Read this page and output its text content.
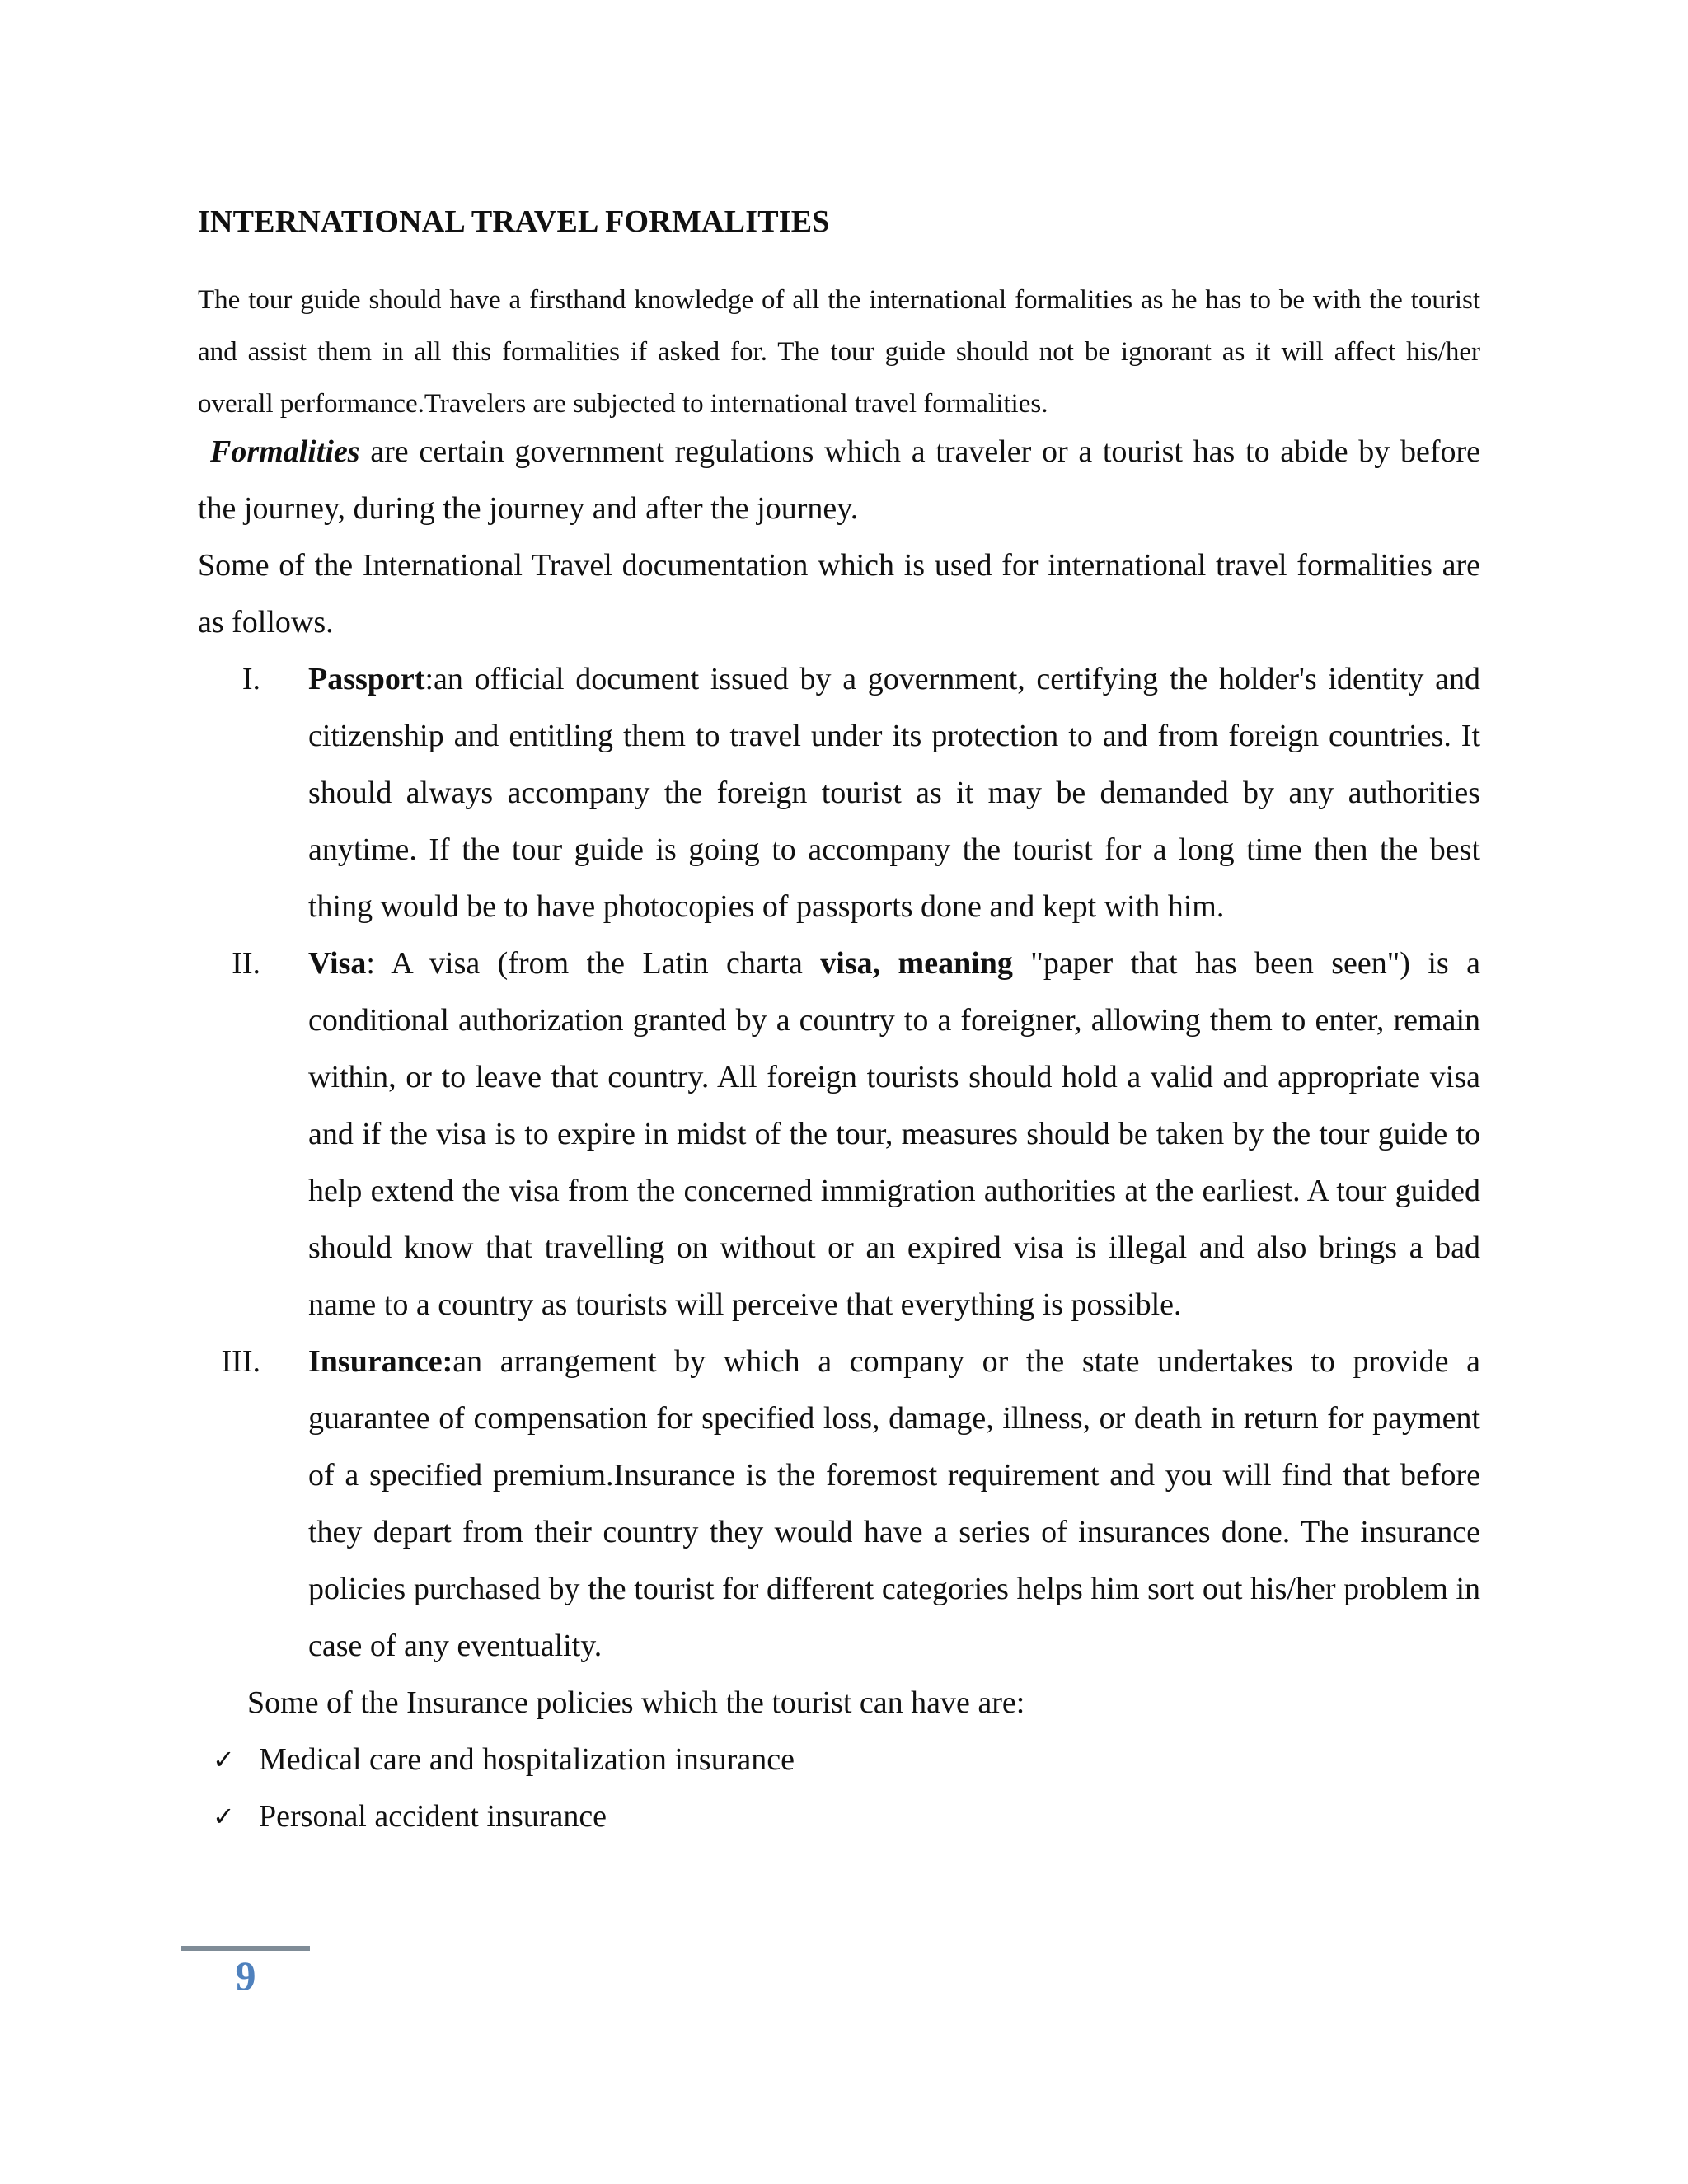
INTERNATIONAL TRAVEL FORMALITIES

The tour guide should have a firsthand knowledge of all the international formalities as he has to be with the tourist and assist them in all this formalities if asked for. The tour guide should not be ignorant as it will affect his/her overall performance.Travelers are subjected to international travel formalities.

Formalities are certain government regulations which a traveler or a tourist has to abide by before the journey, during the journey and after the journey.

Some of the International Travel documentation which is used for international travel formalities are as follows.

I. Passport:an official document issued by a government, certifying the holder's identity and citizenship and entitling them to travel under its protection to and from foreign countries. It should always accompany the foreign tourist as it may be demanded by any authorities anytime. If the tour guide is going to accompany the tourist for a long time then the best thing would be to have photocopies of passports done and kept with him.
II. Visa: A visa (from the Latin charta visa, meaning "paper that has been seen") is a conditional authorization granted by a country to a foreigner, allowing them to enter, remain within, or to leave that country. All foreign tourists should hold a valid and appropriate visa and if the visa is to expire in midst of the tour, measures should be taken by the tour guide to help extend the visa from the concerned immigration authorities at the earliest. A tour guided should know that travelling on without or an expired visa is illegal and also brings a bad name to a country as tourists will perceive that everything is possible.
III. Insurance:an arrangement by which a company or the state undertakes to provide a guarantee of compensation for specified loss, damage, illness, or death in return for payment of a specified premium.Insurance is the foremost requirement and you will find that before they depart from their country they would have a series of insurances done. The insurance policies purchased by the tourist for different categories helps him sort out his/her problem in case of any eventuality.

Some of the Insurance policies which the tourist can have are:

✓ Medical care and hospitalization insurance
✓ Personal accident insurance
9
